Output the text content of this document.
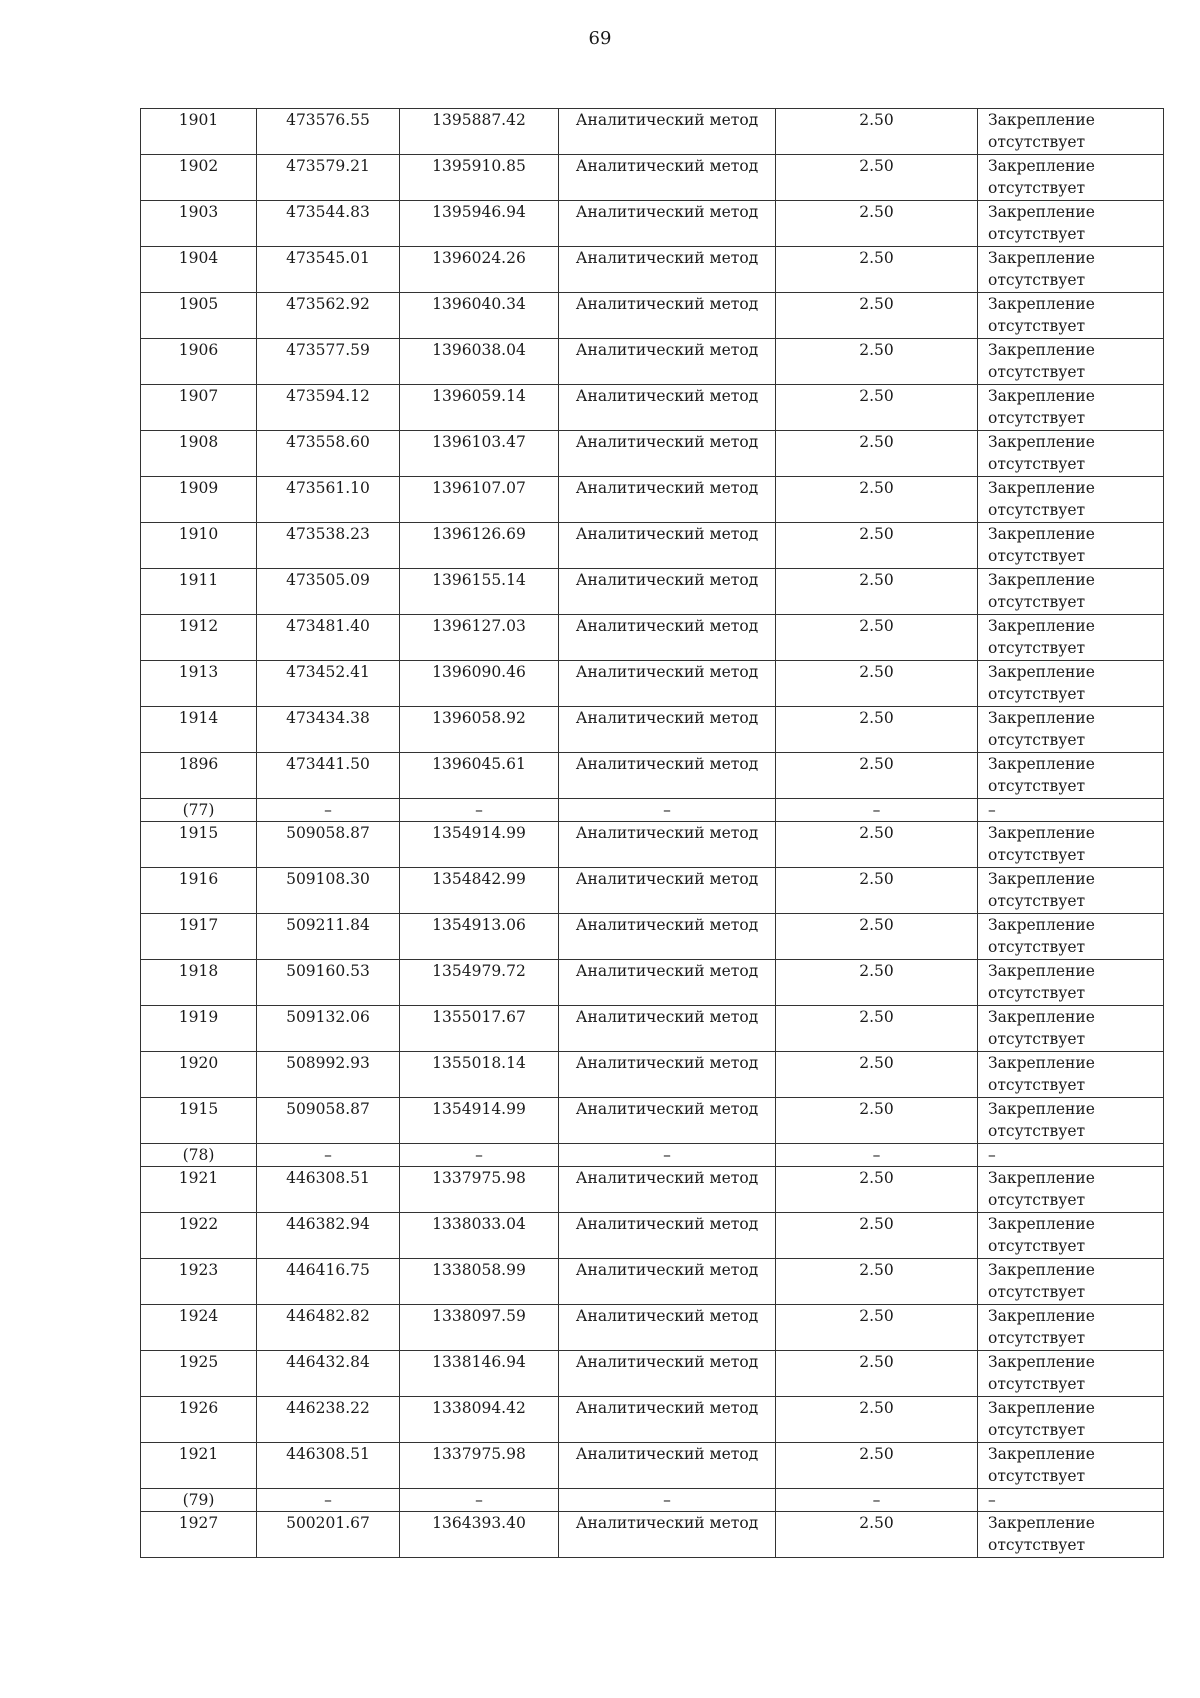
69
1901	473576.55	1395887.42	Аналитический метод	2.50	Закрепление отсутствует
1902	473579.21	1395910.85	Аналитический метод	2.50	Закрепление отсутствует
1903	473544.83	1395946.94	Аналитический метод	2.50	Закрепление отсутствует
1904	473545.01	1396024.26	Аналитический метод	2.50	Закрепление отсутствует
1905	473562.92	1396040.34	Аналитический метод	2.50	Закрепление отсутствует
1906	473577.59	1396038.04	Аналитический метод	2.50	Закрепление отсутствует
1907	473594.12	1396059.14	Аналитический метод	2.50	Закрепление отсутствует
1908	473558.60	1396103.47	Аналитический метод	2.50	Закрепление отсутствует
1909	473561.10	1396107.07	Аналитический метод	2.50	Закрепление отсутствует
1910	473538.23	1396126.69	Аналитический метод	2.50	Закрепление отсутствует
1911	473505.09	1396155.14	Аналитический метод	2.50	Закрепление отсутствует
1912	473481.40	1396127.03	Аналитический метод	2.50	Закрепление отсутствует
1913	473452.41	1396090.46	Аналитический метод	2.50	Закрепление отсутствует
1914	473434.38	1396058.92	Аналитический метод	2.50	Закрепление отсутствует
1896	473441.50	1396045.61	Аналитический метод	2.50	Закрепление отсутствует
(77)	–	–	–	–	–
1915	509058.87	1354914.99	Аналитический метод	2.50	Закрепление отсутствует
1916	509108.30	1354842.99	Аналитический метод	2.50	Закрепление отсутствует
1917	509211.84	1354913.06	Аналитический метод	2.50	Закрепление отсутствует
1918	509160.53	1354979.72	Аналитический метод	2.50	Закрепление отсутствует
1919	509132.06	1355017.67	Аналитический метод	2.50	Закрепление отсутствует
1920	508992.93	1355018.14	Аналитический метод	2.50	Закрепление отсутствует
1915	509058.87	1354914.99	Аналитический метод	2.50	Закрепление отсутствует
(78)	–	–	–	–	–
1921	446308.51	1337975.98	Аналитический метод	2.50	Закрепление отсутствует
1922	446382.94	1338033.04	Аналитический метод	2.50	Закрепление отсутствует
1923	446416.75	1338058.99	Аналитический метод	2.50	Закрепление отсутствует
1924	446482.82	1338097.59	Аналитический метод	2.50	Закрепление отсутствует
1925	446432.84	1338146.94	Аналитический метод	2.50	Закрепление отсутствует
1926	446238.22	1338094.42	Аналитический метод	2.50	Закрепление отсутствует
1921	446308.51	1337975.98	Аналитический метод	2.50	Закрепление отсутствует
(79)	–	–	–	–	–
1927	500201.67	1364393.40	Аналитический метод	2.50	Закрепление отсутствует
